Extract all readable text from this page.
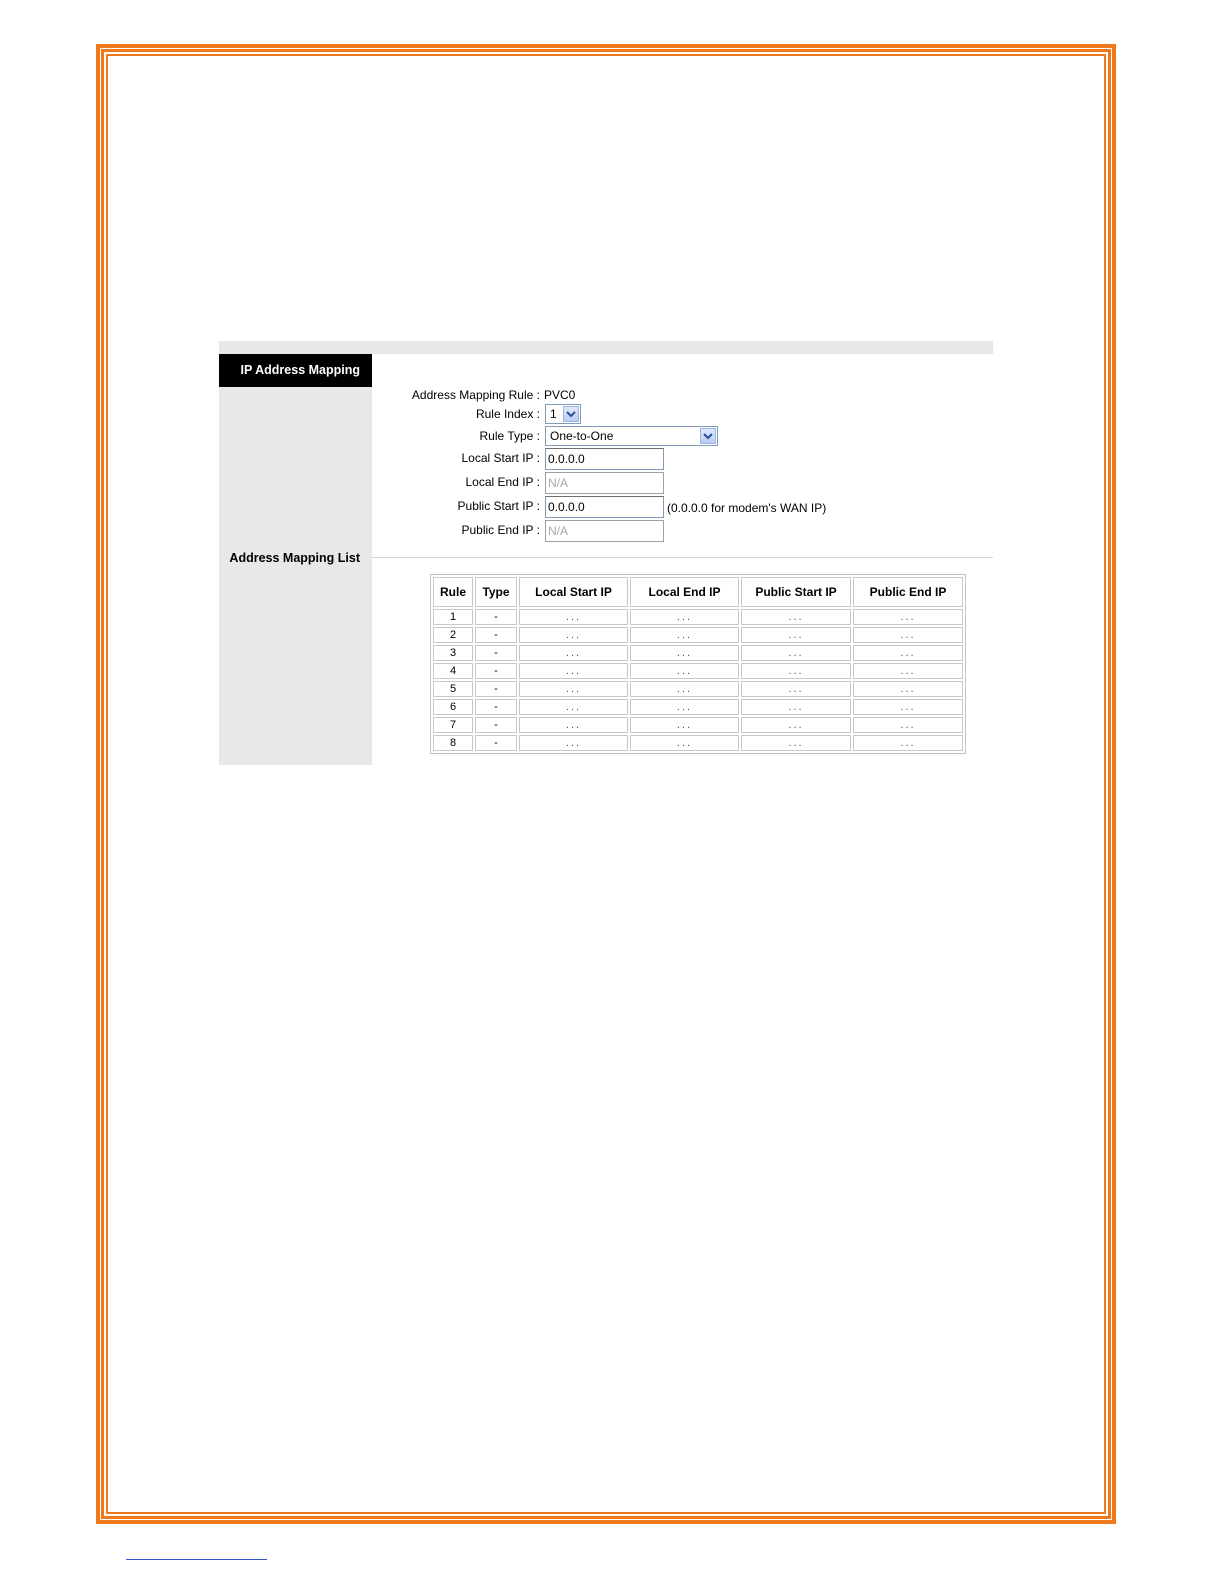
IP Address Mapping
Address Mapping Rule : PVC0
Rule Index : 1
Rule Type : One-to-One
Local Start IP : 0.0.0.0
Local End IP : N/A
Public Start IP : 0.0.0.0	(0.0.0.0 for modem's WAN IP)
Public End IP : N/A
Address Mapping List
Rule	Type	Local Start IP	Local End IP	Public Start IP	Public End IP
1	-	...	...	...	...
2	-	...	...	...	...
3	-	...	...	...	...
4	-	...	...	...	...
5	-	...	...	...	...
6	-	...	...	...	...
7	-	...	...	...	...
8	-	...	...	...	...
